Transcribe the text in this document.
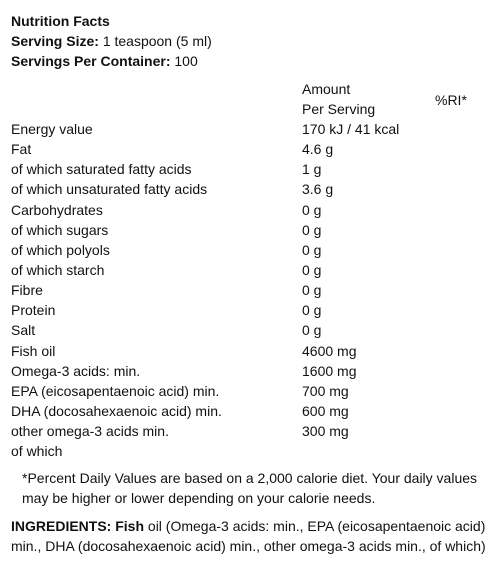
Nutrition Facts
Serving Size: 1 teaspoon (5 ml)
Servings Per Container: 100
Amount
Per Serving
%RI*
Energy value	170 kJ / 41 kcal
Fat	4.6 g
of which saturated fatty acids	1 g
of which unsaturated fatty acids	3.6 g
Carbohydrates	0 g
of which sugars	0 g
of which polyols	0 g
of which starch	0 g
Fibre	0 g
Protein	0 g
Salt	0 g
Fish oil	4600 mg
Omega-3 acids: min.	1600 mg
EPA (eicosapentaenoic acid) min.	700 mg
DHA (docosahexaenoic acid) min.	600 mg
other omega-3 acids min.	300 mg
of which
*Percent Daily Values are based on a 2,000 calorie diet. Your daily values may be higher or lower depending on your calorie needs.
INGREDIENTS: Fish oil (Omega-3 acids: min., EPA (eicosapentaenoic acid) min., DHA (docosahexaenoic acid) min., other omega-3 acids min., of which)
